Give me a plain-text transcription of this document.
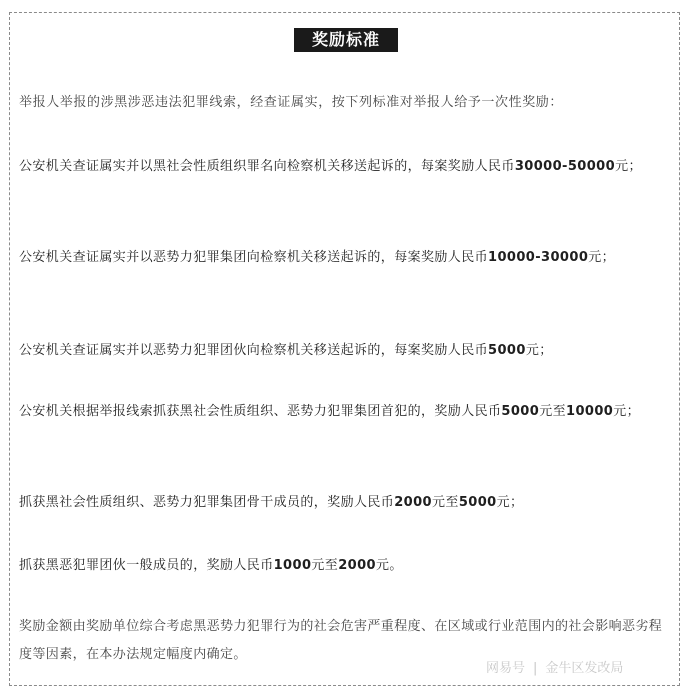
奖励标准
举报人举报的涉黑涉恶违法犯罪线索，经查证属实，按下列标准对举报人给予一次性奖励：
公安机关查证属实并以黑社会性质组织罪名向检察机关移送起诉的，每案奖励人民币30000-50000元；
公安机关查证属实并以恶势力犯罪集团向检察机关移送起诉的，每案奖励人民币10000-30000元；
公安机关查证属实并以恶势力犯罪团伙向检察机关移送起诉的，每案奖励人民币5000元；
公安机关根据举报线索抓获黑社会性质组织、恶势力犯罪集团首犯的，奖励人民币5000元至10000元；
抓获黑社会性质组织、恶势力犯罪集团骨干成员的，奖励人民币2000元至5000元；
抓获黑恶犯罪团伙一般成员的，奖励人民币1000元至2000元。
奖励金额由奖励单位综合考虑黑恶势力犯罪行为的社会危害严重程度、在区域或行业范围内的社会影响恶劣程度等因素，在本办法规定幅度内确定。
网易号 | 金牛区发改局
